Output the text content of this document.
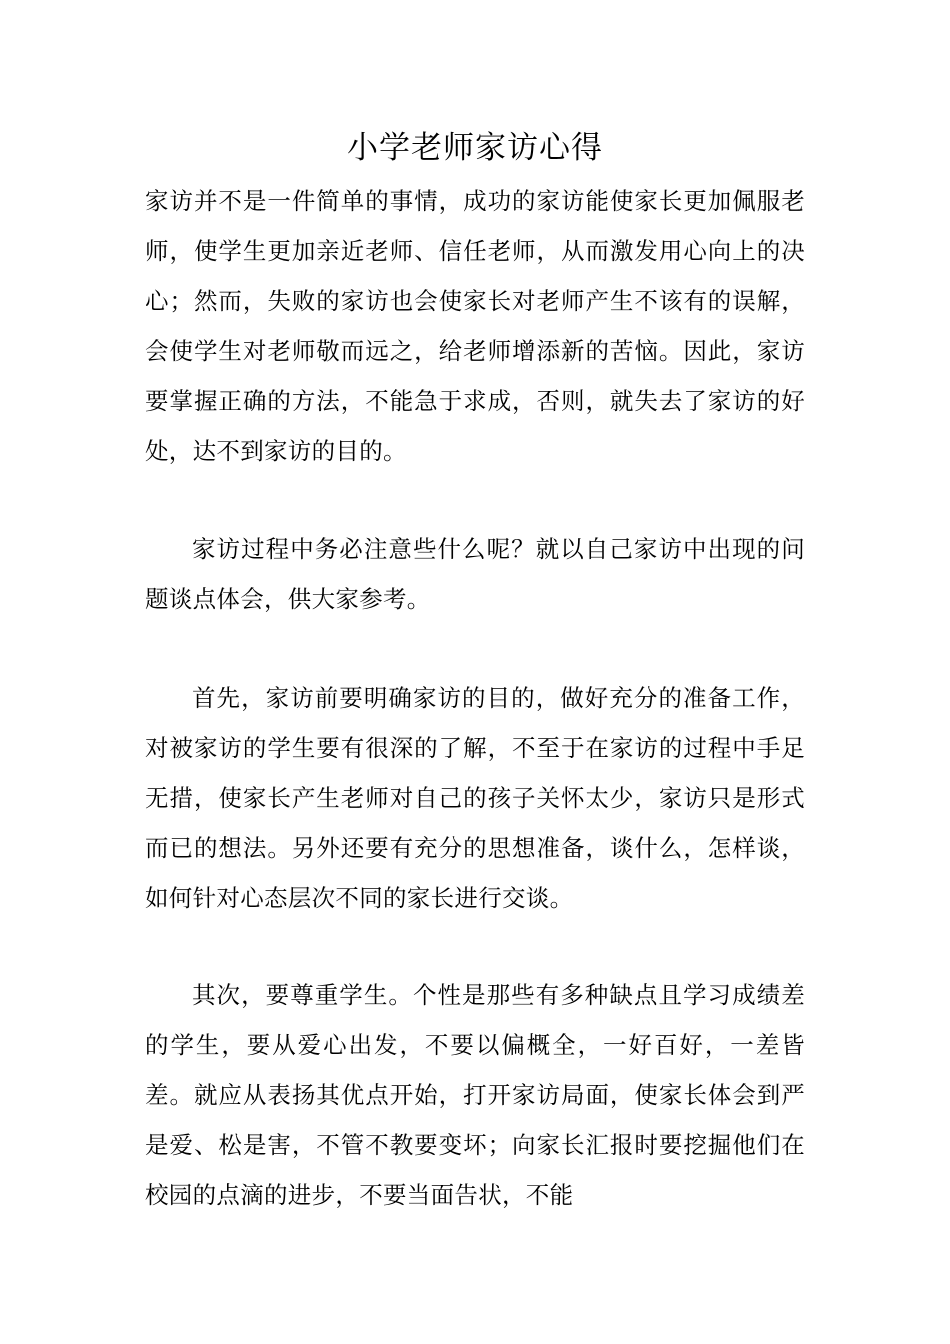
小学老师家访心得

家访并不是一件简单的事情，成功的家访能使家长更加佩服老师，使学生更加亲近老师、信任老师，从而激发用心向上的决心；然而，失败的家访也会使家长对老师产生不该有的误解，会使学生对老师敬而远之，给老师增添新的苦恼。因此，家访要掌握正确的方法，不能急于求成，否则，就失去了家访的好处，达不到家访的目的。

家访过程中务必注意些什么呢？就以自己家访中出现的问题谈点体会，供大家参考。

首先，家访前要明确家访的目的，做好充分的准备工作，对被家访的学生要有很深的了解，不至于在家访的过程中手足无措，使家长产生老师对自己的孩子关怀太少，家访只是形式而已的想法。另外还要有充分的思想准备，谈什么，怎样谈，如何针对心态层次不同的家长进行交谈。

其次，要尊重学生。个性是那些有多种缺点且学习成绩差的学生，要从爱心出发，不要以偏概全，一好百好，一差皆差。就应从表扬其优点开始，打开家访局面，使家长体会到严是爱、松是害，不管不教要变坏；向家长汇报时要挖掘他们在校园的点滴的进步，不要当面告状，不能
